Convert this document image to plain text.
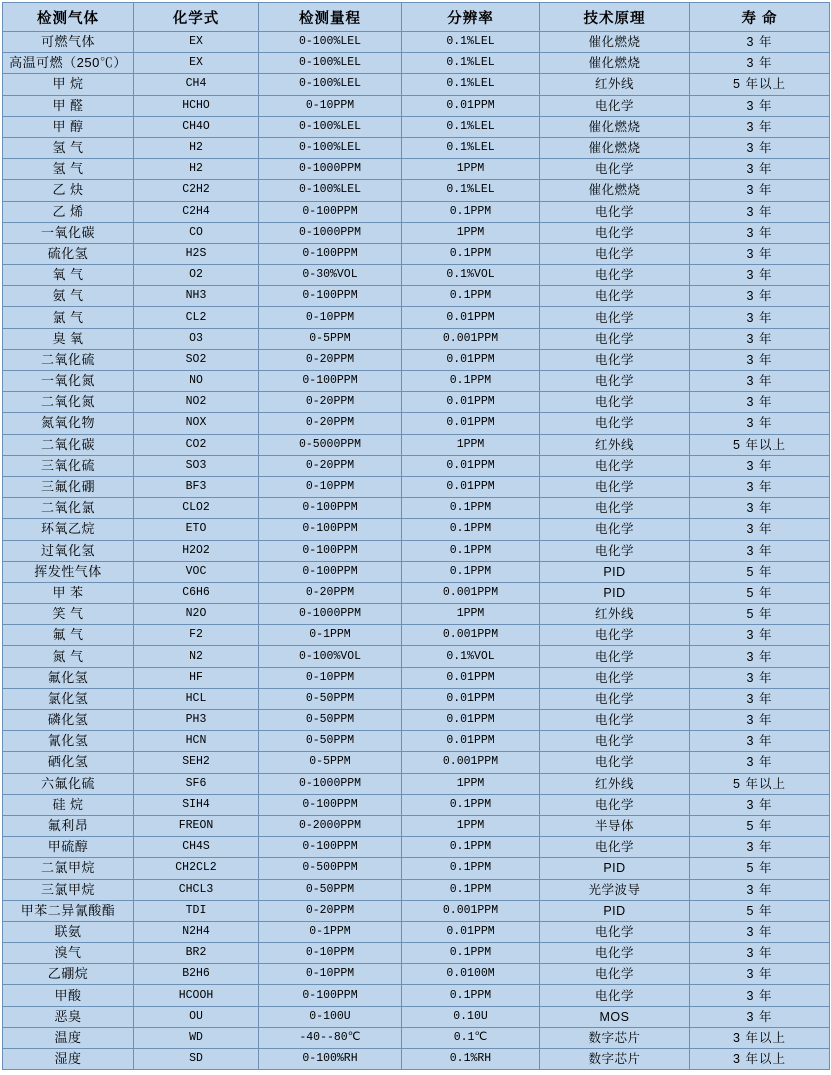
检测气体	化学式	检测量程	分辨率	技术原理	寿 命
可燃气体	EX	0-100%LEL	0.1%LEL	催化燃烧	3 年
高温可燃（250℃）	EX	0-100%LEL	0.1%LEL	催化燃烧	3 年
甲 烷	CH4	0-100%LEL	0.1%LEL	红外线	5 年以上
甲 醛	HCHO	0-10PPM	0.01PPM	电化学	3 年
甲 醇	CH4O	0-100%LEL	0.1%LEL	催化燃烧	3 年
氢 气	H2	0-100%LEL	0.1%LEL	催化燃烧	3 年
氢 气	H2	0-1000PPM	1PPM	电化学	3 年
乙 炔	C2H2	0-100%LEL	0.1%LEL	催化燃烧	3 年
乙 烯	C2H4	0-100PPM	0.1PPM	电化学	3 年
一氧化碳	CO	0-1000PPM	1PPM	电化学	3 年
硫化氢	H2S	0-100PPM	0.1PPM	电化学	3 年
氧 气	O2	0-30%VOL	0.1%VOL	电化学	3 年
氨 气	NH3	0-100PPM	0.1PPM	电化学	3 年
氯 气	CL2	0-10PPM	0.01PPM	电化学	3 年
臭 氧	O3	0-5PPM	0.001PPM	电化学	3 年
二氧化硫	SO2	0-20PPM	0.01PPM	电化学	3 年
一氧化氮	NO	0-100PPM	0.1PPM	电化学	3 年
二氧化氮	NO2	0-20PPM	0.01PPM	电化学	3 年
氮氧化物	NOX	0-20PPM	0.01PPM	电化学	3 年
二氧化碳	CO2	0-5000PPM	1PPM	红外线	5 年以上
三氧化硫	SO3	0-20PPM	0.01PPM	电化学	3 年
三氟化硼	BF3	0-10PPM	0.01PPM	电化学	3 年
二氧化氯	CLO2	0-100PPM	0.1PPM	电化学	3 年
环氧乙烷	ETO	0-100PPM	0.1PPM	电化学	3 年
过氧化氢	H2O2	0-100PPM	0.1PPM	电化学	3 年
挥发性气体	VOC	0-100PPM	0.1PPM	PID	5 年
甲 苯	C6H6	0-20PPM	0.001PPM	PID	5 年
笑 气	N2O	0-1000PPM	1PPM	红外线	5 年
氟 气	F2	0-1PPM	0.001PPM	电化学	3 年
氮 气	N2	0-100%VOL	0.1%VOL	电化学	3 年
氟化氢	HF	0-10PPM	0.01PPM	电化学	3 年
氯化氢	HCL	0-50PPM	0.01PPM	电化学	3 年
磷化氢	PH3	0-50PPM	0.01PPM	电化学	3 年
氰化氢	HCN	0-50PPM	0.01PPM	电化学	3 年
硒化氢	SEH2	0-5PPM	0.001PPM	电化学	3 年
六氟化硫	SF6	0-1000PPM	1PPM	红外线	5 年以上
硅 烷	SIH4	0-100PPM	0.1PPM	电化学	3 年
氟利昂	FREON	0-2000PPM	1PPM	半导体	5 年
甲硫醇	CH4S	0-100PPM	0.1PPM	电化学	3 年
二氯甲烷	CH2CL2	0-500PPM	0.1PPM	PID	5 年
三氯甲烷	CHCL3	0-50PPM	0.1PPM	光学波导	3 年
甲苯二异氰酸酯	TDI	0-20PPM	0.001PPM	PID	5 年
联氨	N2H4	0-1PPM	0.01PPM	电化学	3 年
溴气	BR2	0-10PPM	0.1PPM	电化学	3 年
乙硼烷	B2H6	0-10PPM	0.0100M	电化学	3 年
甲酸	HCOOH	0-100PPM	0.1PPM	电化学	3 年
恶臭	OU	0-100U	0.10U	MOS	3 年
温度	WD	-40--80℃	0.1℃	数字芯片	3 年以上
湿度	SD	0-100%RH	0.1%RH	数字芯片	3 年以上
